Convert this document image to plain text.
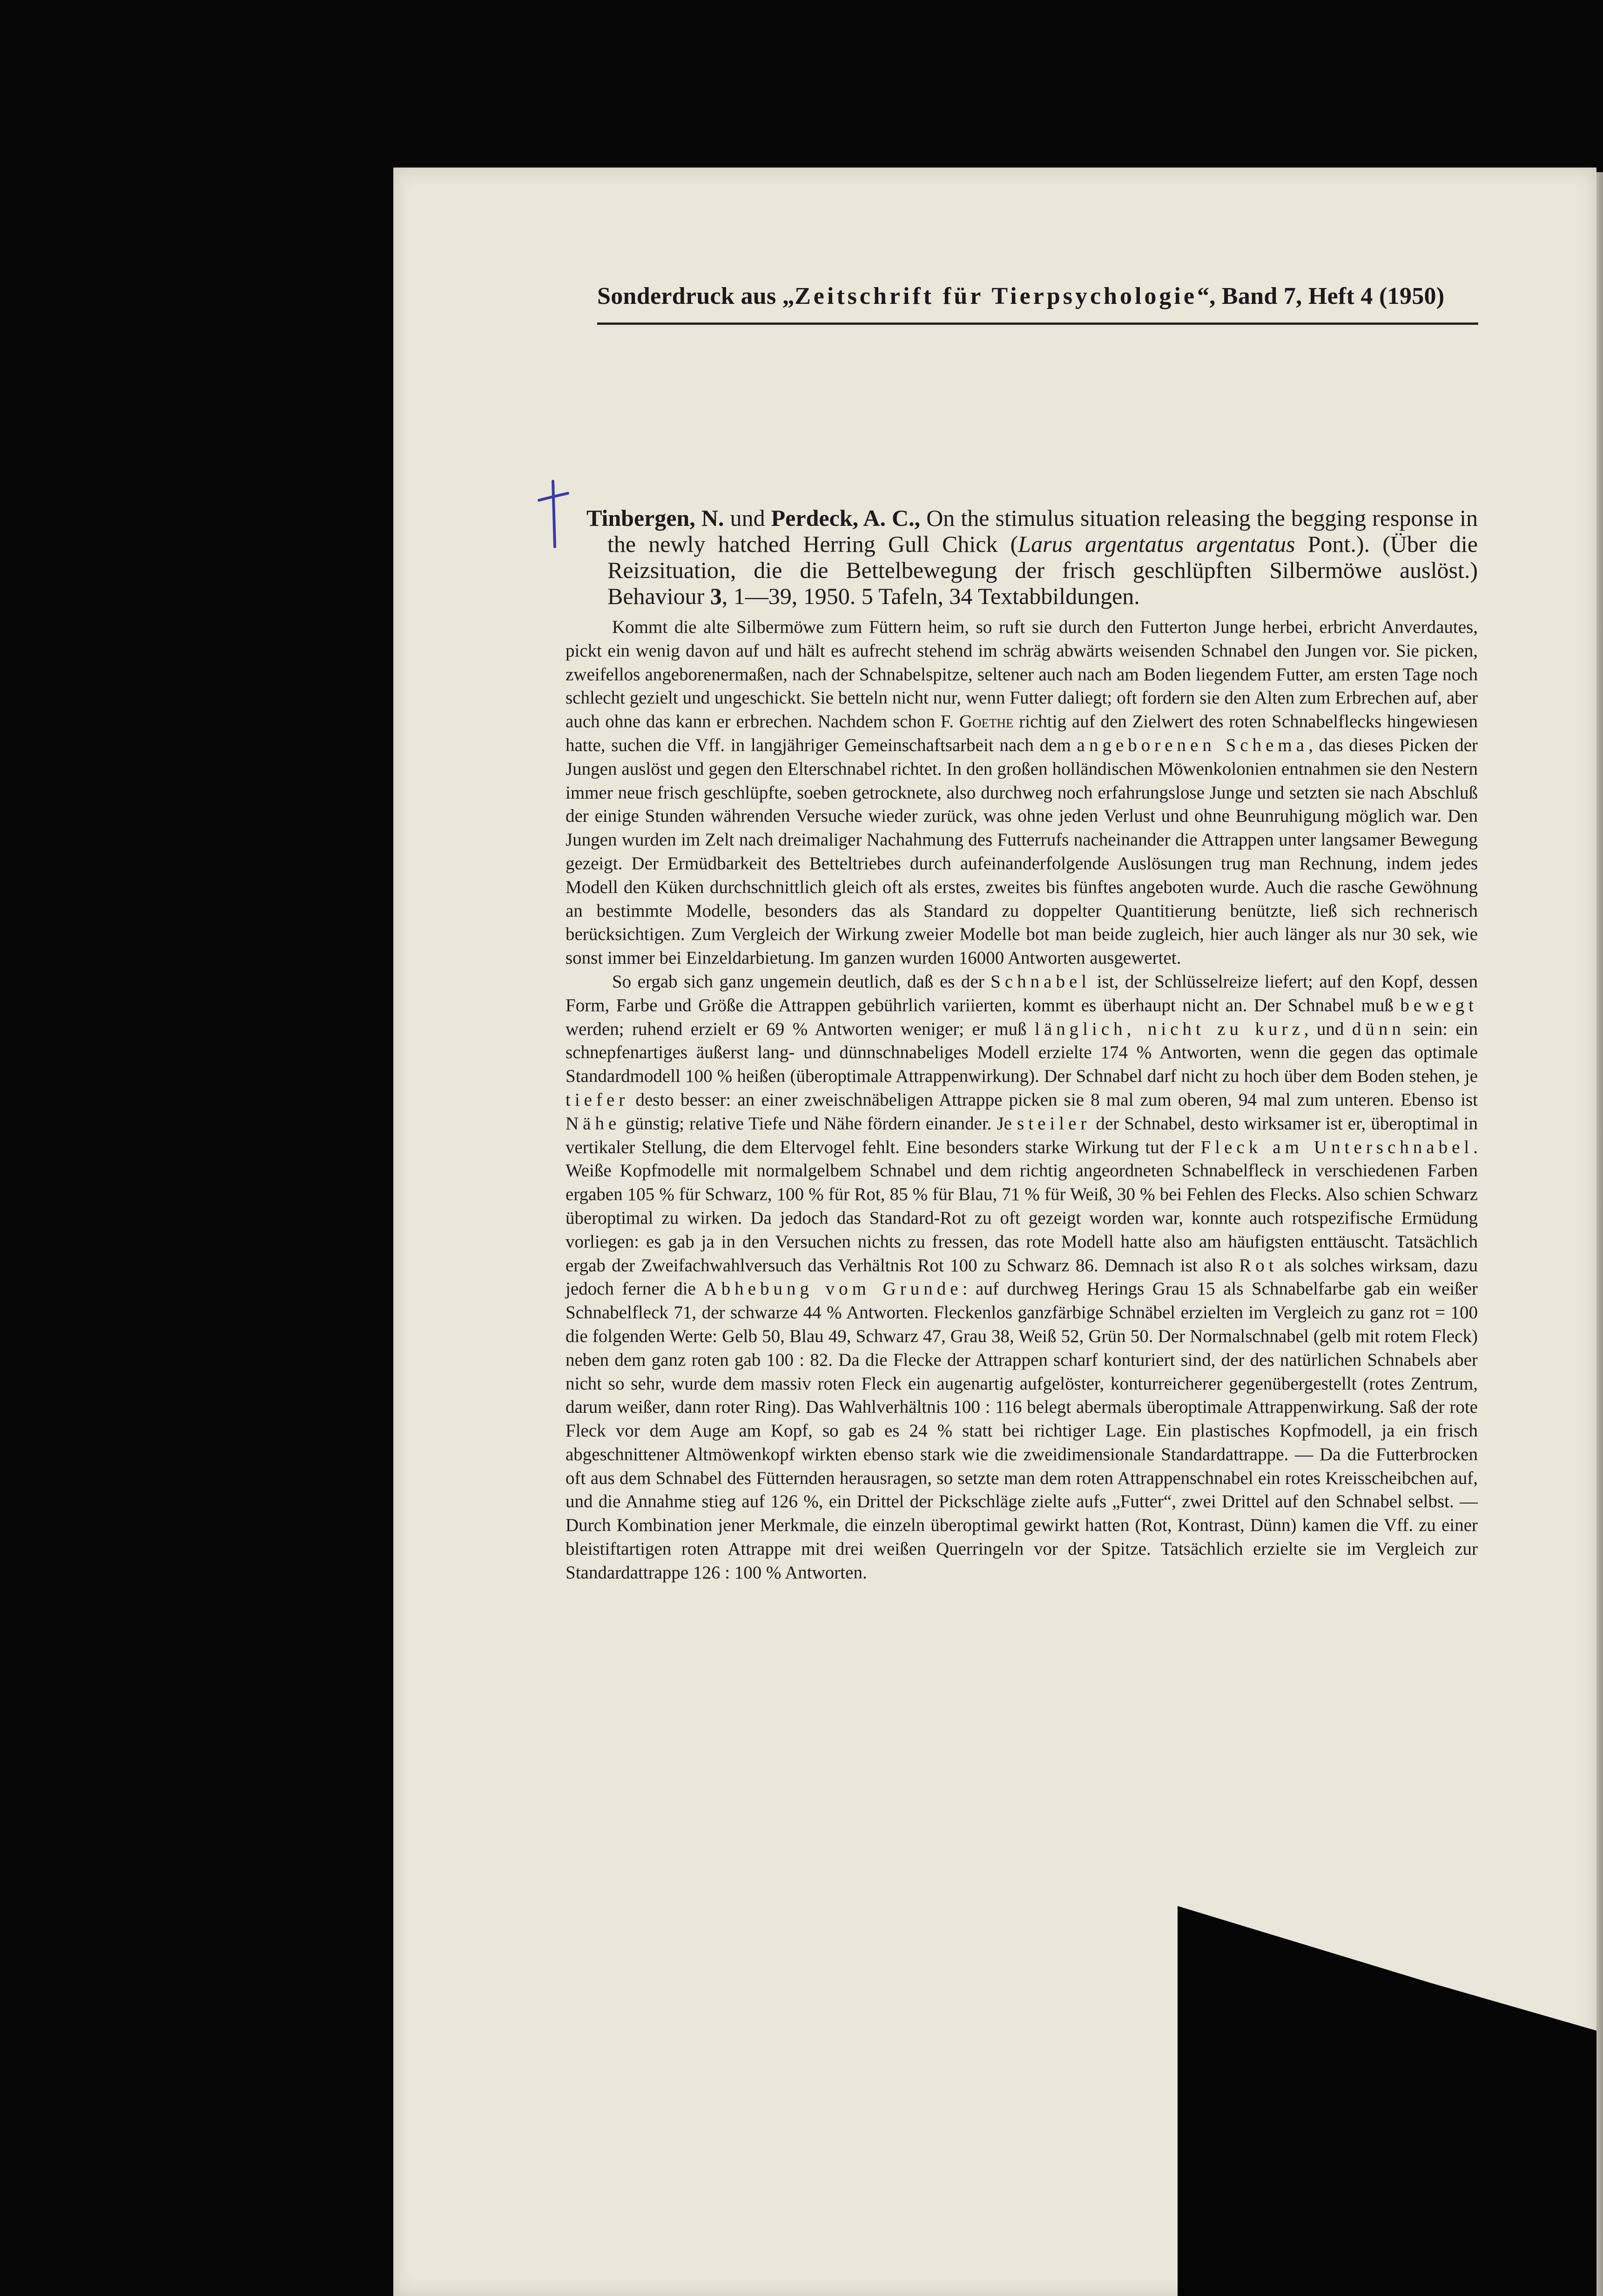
Sonderdruck aus „Zeitschrift für Tierpsychologie“, Band 7, Heft 4 (1950)

Tinbergen, N. und Perdeck, A. C., On the stimulus situation releasing the begging response in the newly hatched Herring Gull Chick (Larus argentatus argentatus Pont.). (Über die Reizsituation, die die Bettelbewegung der frisch geschlüpften Silbermöwe auslöst.) Behaviour 3, 1—39, 1950. 5 Tafeln, 34 Textabbildungen.

Kommt die alte Silbermöwe zum Füttern heim, so ruft sie durch den Futterton Junge herbei, erbricht Anverdautes, pickt ein wenig davon auf und hält es aufrecht stehend im schräg abwärts weisenden Schnabel den Jungen vor. Sie picken, zweifellos angeborenermaßen, nach der Schnabelspitze, seltener auch nach am Boden liegendem Futter, am ersten Tage noch schlecht gezielt und ungeschickt. Sie betteln nicht nur, wenn Futter daliegt; oft fordern sie den Alten zum Erbrechen auf, aber auch ohne das kann er erbrechen. Nachdem schon F. Goethe richtig auf den Zielwert des roten Schnabelflecks hingewiesen hatte, suchen die Vff. in langjähriger Gemeinschaftsarbeit nach dem angeborenen Schema, das dieses Picken der Jungen auslöst und gegen den Elterschnabel richtet. In den großen holländischen Möwenkolonien entnahmen sie den Nestern immer neue frisch geschlüpfte, soeben getrocknete, also durchweg noch erfahrungslose Junge und setzten sie nach Abschluß der einige Stunden währenden Versuche wieder zurück, was ohne jeden Verlust und ohne Beunruhigung möglich war. Den Jungen wurden im Zelt nach dreimaliger Nachahmung des Futterrufs nacheinander die Attrappen unter langsamer Bewegung gezeigt. Der Ermüdbarkeit des Betteltriebes durch aufeinanderfolgende Auslösungen trug man Rechnung, indem jedes Modell den Küken durchschnittlich gleich oft als erstes, zweites bis fünftes angeboten wurde. Auch die rasche Gewöhnung an bestimmte Modelle, besonders das als Standard zu doppelter Quantitierung benützte, ließ sich rechnerisch berücksichtigen. Zum Vergleich der Wirkung zweier Modelle bot man beide zugleich, hier auch länger als nur 30 sek, wie sonst immer bei Einzeldarbietung. Im ganzen wurden 16000 Antworten ausgewertet.

So ergab sich ganz ungemein deutlich, daß es der Schnabel ist, der Schlüsselreize liefert; auf den Kopf, dessen Form, Farbe und Größe die Attrappen gebührlich variierten, kommt es überhaupt nicht an. Der Schnabel muß bewegt werden; ruhend erzielt er 69 % Antworten weniger; er muß länglich, nicht zu kurz, und dünn sein: ein schnepfenartiges äußerst lang- und dünnschnabeliges Modell erzielte 174 % Antworten, wenn die gegen das optimale Standardmodell 100 % heißen (überoptimale Attrappenwirkung). Der Schnabel darf nicht zu hoch über dem Boden stehen, je tiefer desto besser: an einer zweischnäbeligen Attrappe picken sie 8 mal zum oberen, 94 mal zum unteren. Ebenso ist Nähe günstig; relative Tiefe und Nähe fördern einander. Je steiler der Schnabel, desto wirksamer ist er, überoptimal in vertikaler Stellung, die dem Eltervogel fehlt. Eine besonders starke Wirkung tut der Fleck am Unterschnabel. Weiße Kopfmodelle mit normalgelbem Schnabel und dem richtig angeordneten Schnabelfleck in verschiedenen Farben ergaben 105 % für Schwarz, 100 % für Rot, 85 % für Blau, 71 % für Weiß, 30 % bei Fehlen des Flecks. Also schien Schwarz überoptimal zu wirken. Da jedoch das Standard-Rot zu oft gezeigt worden war, konnte auch rotspezifische Ermüdung vorliegen: es gab ja in den Versuchen nichts zu fressen, das rote Modell hatte also am häufigsten enttäuscht. Tatsächlich ergab der Zweifachwahlversuch das Verhältnis Rot 100 zu Schwarz 86. Demnach ist also Rot als solches wirksam, dazu jedoch ferner die Abhebung vom Grunde: auf durchweg Herings Grau 15 als Schnabelfarbe gab ein weißer Schnabelfleck 71, der schwarze 44 % Antworten. Fleckenlos ganzfärbige Schnäbel erzielten im Vergleich zu ganz rot = 100 die folgenden Werte: Gelb 50, Blau 49, Schwarz 47, Grau 38, Weiß 52, Grün 50. Der Normalschnabel (gelb mit rotem Fleck) neben dem ganz roten gab 100 : 82. Da die Flecke der Attrappen scharf konturiert sind, der des natürlichen Schnabels aber nicht so sehr, wurde dem massiv roten Fleck ein augenartig aufgelöster, konturreicherer gegenübergestellt (rotes Zentrum, darum weißer, dann roter Ring). Das Wahlverhältnis 100 : 116 belegt abermals überoptimale Attrappenwirkung. Saß der rote Fleck vor dem Auge am Kopf, so gab es 24 % statt bei richtiger Lage. Ein plastisches Kopfmodell, ja ein frisch abgeschnittener Altmöwenkopf wirkten ebenso stark wie die zweidimensionale Standardattrappe. — Da die Futterbrocken oft aus dem Schnabel des Fütternden herausragen, so setzte man dem roten Attrappenschnabel ein rotes Kreisscheibchen auf, und die Annahme stieg auf 126 %, ein Drittel der Pickschläge zielte aufs „Futter“, zwei Drittel auf den Schnabel selbst. — Durch Kombination jener Merkmale, die einzeln überoptimal gewirkt hatten (Rot, Kontrast, Dünn) kamen die Vff. zu einer bleistiftartigen roten Attrappe mit drei weißen Querringeln vor der Spitze. Tatsächlich erzielte sie im Vergleich zur Standardattrappe 126 : 100 % Antworten.
